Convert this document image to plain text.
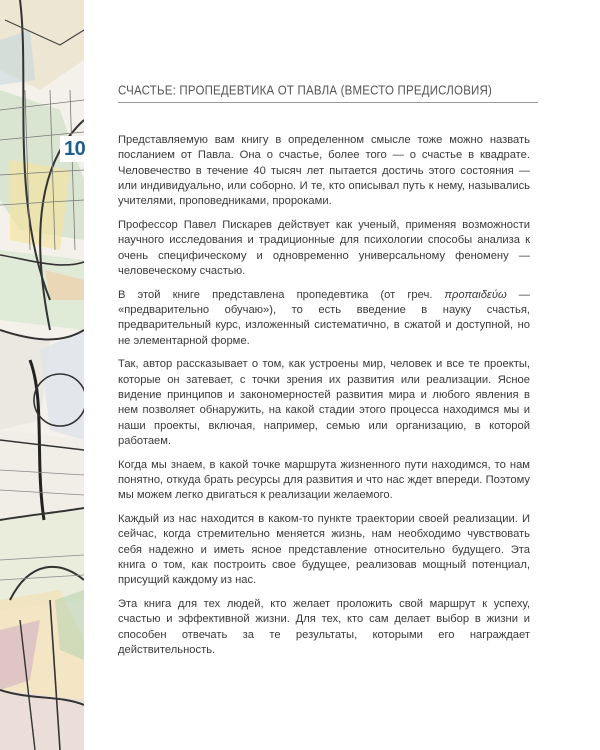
10
СЧАСТЬЕ: ПРОПЕДЕВТИКА ОТ ПАВЛА (ВМЕСТО ПРЕДИСЛОВИЯ)

Представляемую вам книгу в определенном смысле тоже можно назвать посланием от Павла. Она о счастье, более того — о счастье в квадрате. Человечество в течение 40 тысяч лет пытается достичь этого состояния — или индивидуально, или соборно. И те, кто описывал путь к нему, назывались учителями, проповедниками, пророками.

Профессор Павел Пискарев действует как ученый, применяя возможности научного исследования и традиционные для психологии способы анализа к очень специфическому и одновременно универсальному феномену — человеческому счастью.

В этой книге представлена пропедевтика (от греч. προπαιδεύω — «предварительно обучаю»), то есть введение в науку счастья, предварительный курс, изложенный систематично, в сжатой и доступной, но не элементарной форме.

Так, автор рассказывает о том, как устроены мир, человек и все те проекты, которые он затевает, с точки зрения их развития или реализации. Ясное видение принципов и закономерностей развития мира и любого явления в нем позволяет обнаружить, на какой стадии этого процесса находимся мы и наши проекты, включая, например, семью или организацию, в которой работаем.

Когда мы знаем, в какой точке маршрута жизненного пути находимся, то нам понятно, откуда брать ресурсы для развития и что нас ждет впереди. Поэтому мы можем легко двигаться к реализации желаемого.

Каждый из нас находится в каком-то пункте траектории своей реализации. И сейчас, когда стремительно меняется жизнь, нам необходимо чувствовать себя надежно и иметь ясное представление относительно будущего. Эта книга о том, как построить свое будущее, реализовав мощный потенциал, присущий каждому из нас.

Эта книга для тех людей, кто желает проложить свой маршрут к успеху, счастью и эффективной жизни. Для тех, кто сам делает выбор в жизни и способен отвечать за те результаты, которыми его награждает действительность.
